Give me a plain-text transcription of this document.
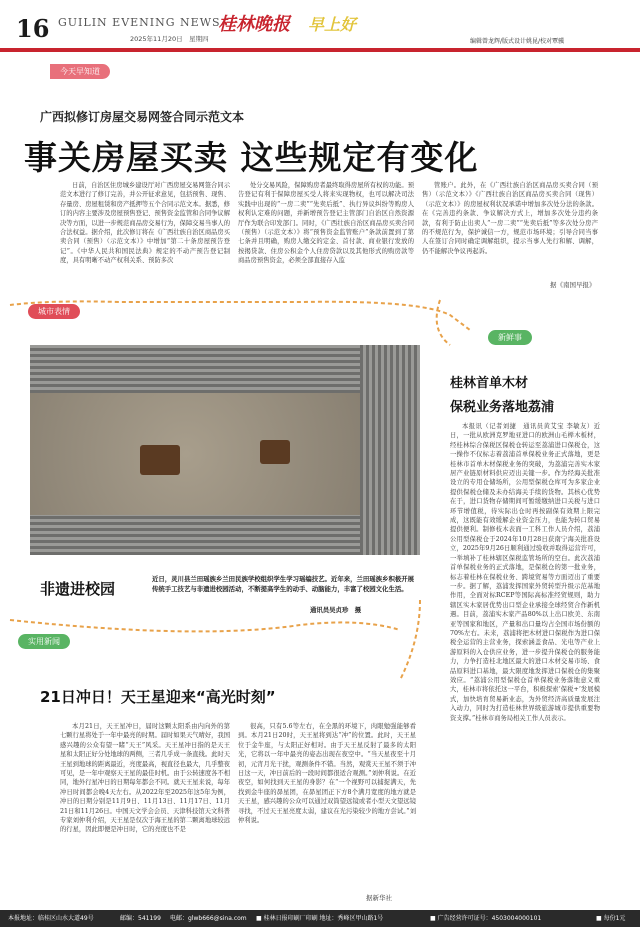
16 GUILIN EVENING NEWS
桂林晚报 早上好
2025年11月20日　星期四	编辑曾龙辉/版式设计姚昆/校对覃骥
今天早知道
广西拟修订房屋交易网签合同示范文本
事关房屋买卖 这些规定有变化
日前，自治区住房城乡建设厅对广西房屋交易网签合同示范文本进行了修订完善，并公开征求意见，包括预售、现售、存量房、房屋租赁和房产抵押等五个合同示范文本。据悉，修订的内容主要涉及房屋预售登记、预售资金监管和合同争议解决等方面，以进一步规范商品房交易行为，保障交易当事人的合法权益。据介绍，此次修订将在《广西壮族自治区商品房买卖合同（预售）（示范文本）》中增加“第二十条房屋预告登记”。《中华人民共和国民法典》规定的不动产预告登记制度，具有明晰不动产权利关系、预防多次
处分交易风险，保障购房者最终取得房屋所有权的功能。预告登记有利于保障房屋买受人将来实现物权，也可以解决司法实践中出现的“一房二卖”“先卖后抵”、执行异议纠纷等购房人权利认定难的问题，并新增预告登记主管部门自治区自然资源厅作为联合印发部门。同时，《广西壮族自治区商品房买卖合同（预售）（示范文本）》将“预售资金监管账户”条款前置到了第七条并且明确，购房人缴交的定金、首付款、商业银行发放的按揭贷款、住房公积金个人住房贷款以及其他形式的购房款等商品房预售资金，必须全部直接存入监
管账户。此外，在《广西壮族自治区商品房买卖合同（预售）（示范文本）》《广西壮族自治区商品房买卖合同（现售）（示范文本）》的房屋权利状况承诺中增加多次处分法的条款。在《完善违约条款、争议解决方式上，增加多次处分违约条款，有利于防止出卖人“一房二卖”“先卖后抵”等多次处分房产的不规范行为，保护诚信一方，规范市场环境；引导合同当事人在签订合同时确定调解组织，提示当事人先行和解、调解，仍不能解决争议再起诉。
据《南国早报》
城市表情
非遗进校园
近日，灵川县兰田瑶族乡兰田民族学校组织学生学习瑶编技艺。近年来，兰田瑶族乡积极开展传统手工技艺与非遗进校园活动，不断提高学生的动手、动脑能力，丰富了校园文化生活。
通讯员吴贞珍　摄
新鲜事
桂林首单木材
保税业务落地荔浦
本报讯（记者刘捷　通讯员黄艾宝 李敏友）近日，一批从欧洲克罗地亚进口的欧洲山毛榉木板材，经桂林综合保税区保税仓转运至荔浦进口保税仓，这一操作不仅标志着荔浦首单保税业务正式落地，更是桂林市首单木材保税业务的突破，为荔浦完善实木家居产业链原材料供应迈出关键一步。作为经海关批准设立的专用仓储场所，公用型保税仓库可为多家企业提供保税仓储及未办结海关手续的货物。其核心优势在于，进口货物存储期间可暂缓缴纳进口关税与进口环节增值税，待实际出仓时再按副保有效期上限完成，这既能有效缓解企业资金压力，也能为转口贸易提供便利。制修枝木表面一工科工作人员介绍，荔浦公用型保税仓于2024年10月28日获南宁海关批准设立，2025年9月26日顺利通过验收并取得运营许可，一举填补了桂林辖区保税监管场所的空白。此次荔浦首单保税业务的正式落地，是保税仓的第一批业务，标志着桂林在保税业务、跨境贸易等方面迈出了重要一步。据了解，荔浦发挥国家外贸转型升级示范基地作用，全面对标RCEP等国际高标准经贸规则，助力辖区实木家居优势出口型企业承接全球经贸合作新机遇。目前，荔浦实木家产品80%以上出口欧美、东南亚等国家和地区，产量和出口量均占全国市场份额的70%左右。未来，荔浦将把木材进口保税作为进口保税全运营的主营业务，探索涵盖食品、光电等产业上游原料的入仓供应业务，进一步提升保税仓的服务能力，力争打造桂北地区最大的进口木材交易市场、食品原料进口基地，最大限度地发挥进口保税仓的集聚效应。“荔浦公用型保税仓首单保税业务落地意义重大，桂林市将依托这一平台，积极探索‘保税+’发展模式，加快培育贸易新业态，为外贸经济高质量发展注入动力，同时为打造桂林世界级旅游城市提供重要物资支撑。”桂林市商务局相关工作人员表示。
实用新闻
21日冲日！天王星迎来“高光时刻”
本月21日，天王星冲日，届时这颗太阳系由内向外的第七颗行星将处于一年中最亮的时期。届时如果天气晴好，我国感兴趣的公众有望一睹“天王”风采。天王星冲日指的是天王星和太阳正好分处地球的两侧，三者几乎成一条直线。此时天王星到地球的距离最近，亮度最高，视直径也最大，几乎整夜可见，是一年中观察天王星的最佳时机。由于公转速度各不相同，地外行星冲日的日期每年都会不同。就天王星来说，每年冲日时间都会晚4天左右。从2022年至2025年这5年为例，冲日的日期分别是11月9日、11月13日、11月17日、11月21日和11月26日。中国天文学会会员、天津科技馆天文科普专家刘仲利介绍，天王星是仅次于海王星的第二颗离地球较远的行星，因此即便是冲日时，它的亮度也不是
很高，只有5.6等左右，在全黑的环境下，肉眼勉强能够看到。本月21日20时，天王星将到达“冲”的位置。此时，天王星位于金牛座，与太阳正好相对。由于天王星反射了最多的太阳光，它将以一年中最亮的姿态出现在夜空中。“当天星夜至十月初，元宵月光干扰，观测条件不错。当然，观赏天王星不须于冲日这一天，冲日前后的一段时间都很适合观测。”刘仲利说。在近夜空，如何找到天王星的身影？在“一个视野可以捕捉满天，先找到金牛座的昴星团，在昴星团正下方8个满月宽度的地方就是天王星，感兴趣的公众可以通过双筒望远镜或者小型天文望远镜寻找，不过天王星亮度太弱，建议在光污染较少的地方尝试。”刘仲利说。
据新华社
本报地址：临桂区山水大道49号	邮编：541199 电邮：glwb666@sina.com ■ 桂林日报印刷厂印刷 地址：秀峰区甲山路1号	■ 广告经营许可证号：4503004000101	■ 每份1元
